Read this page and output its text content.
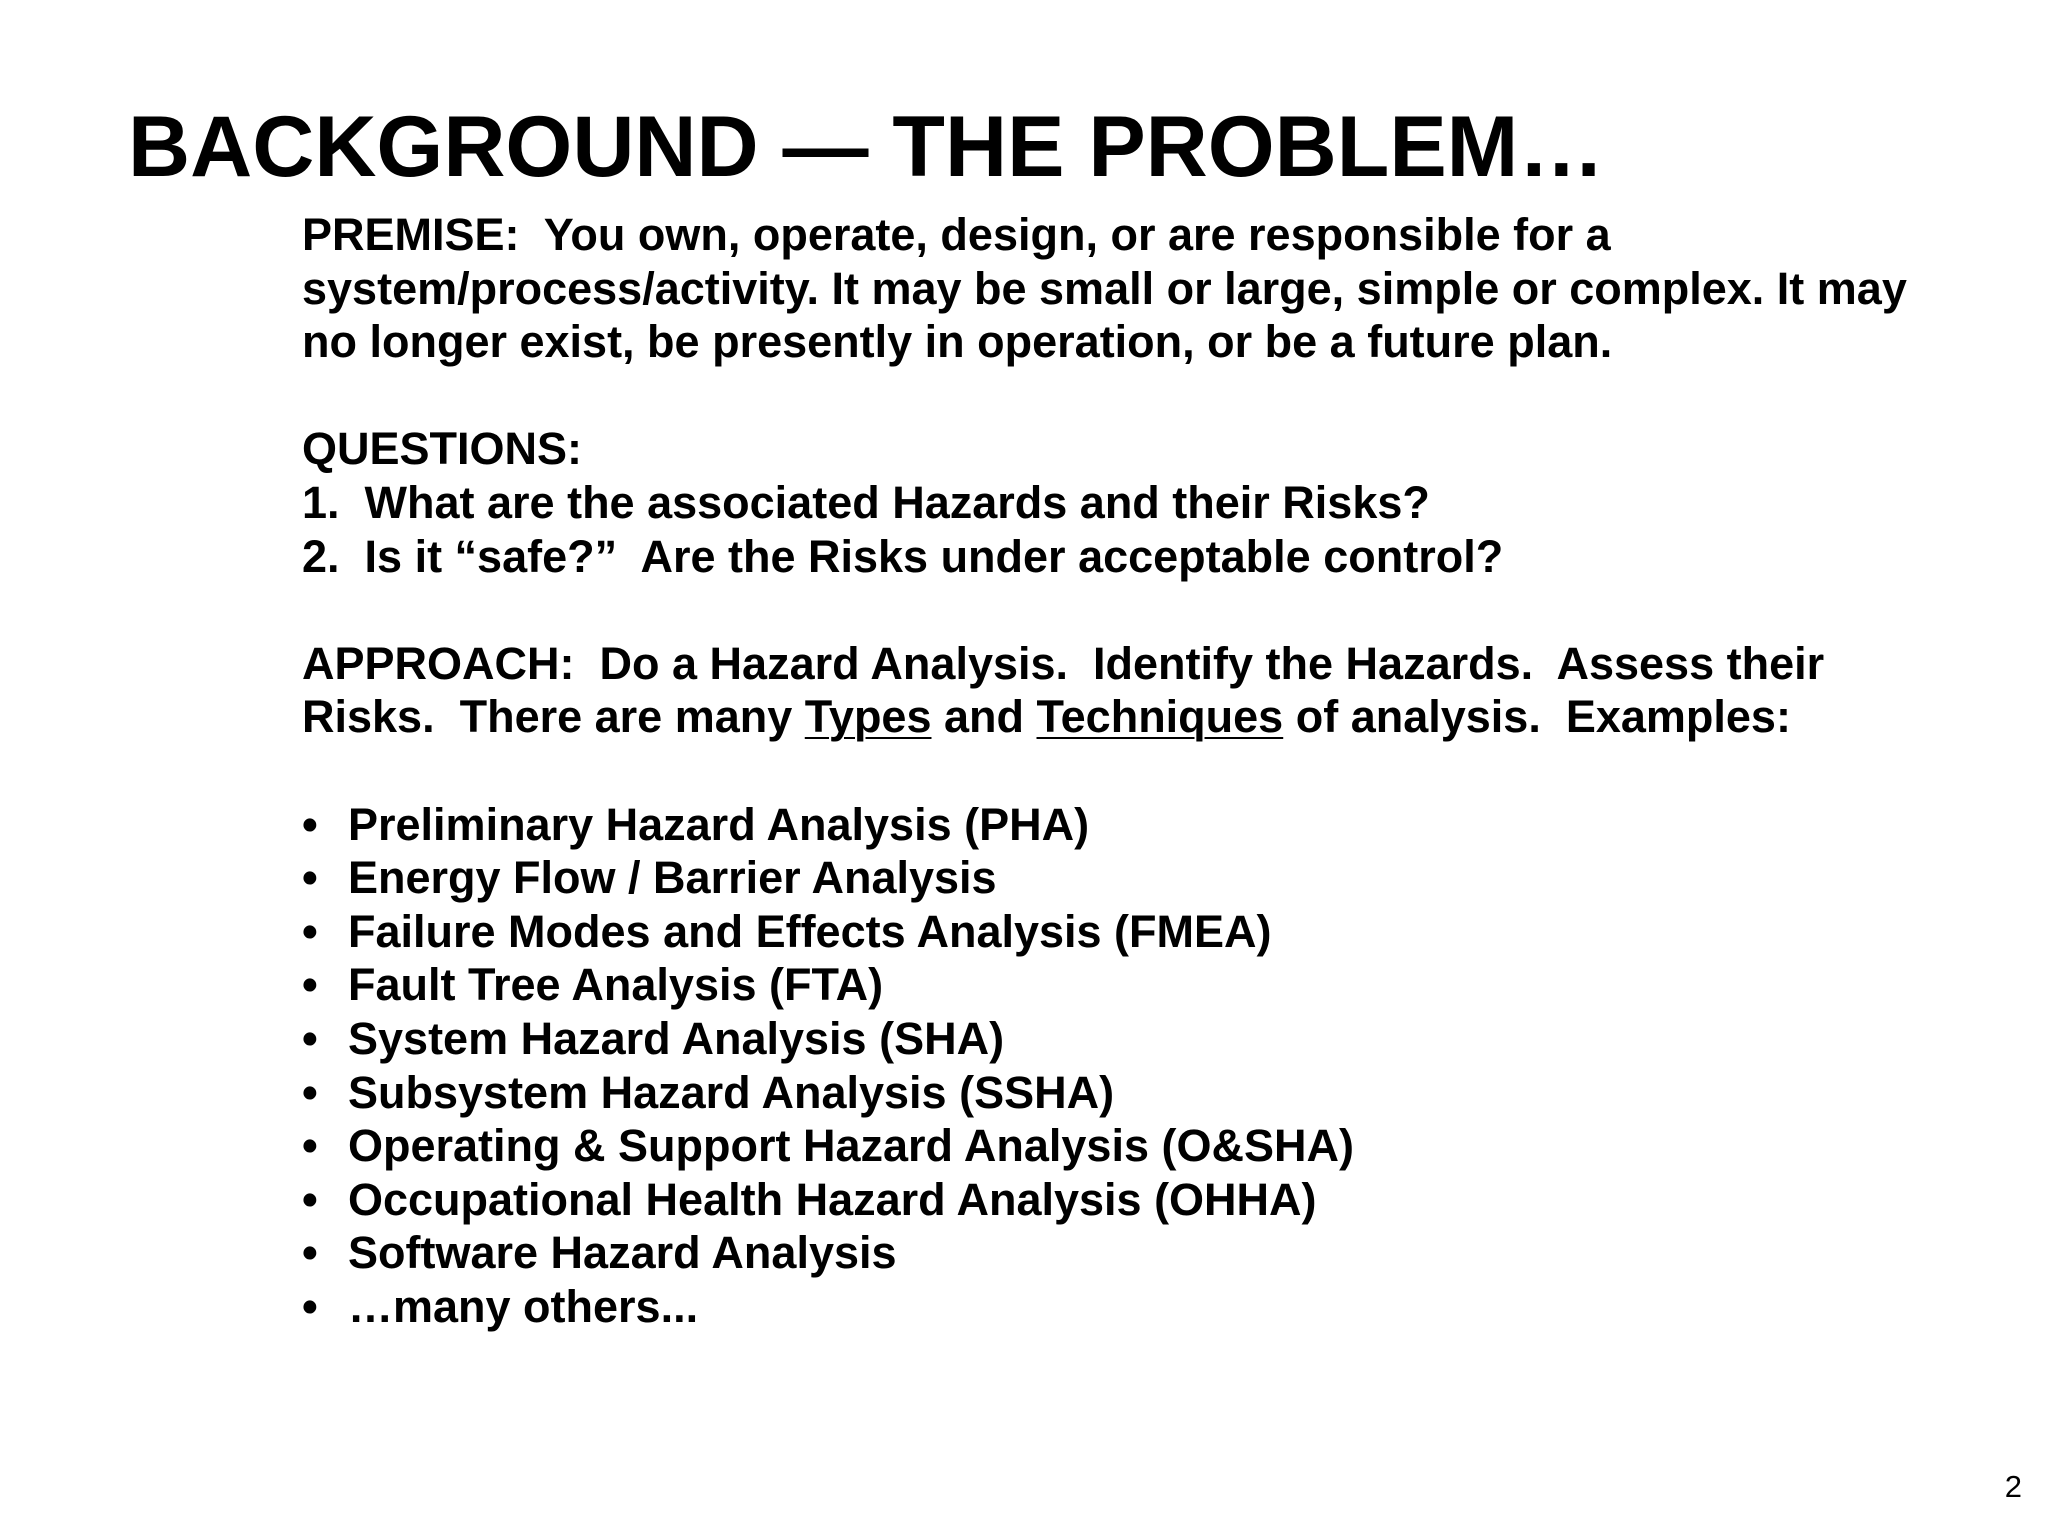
BACKGROUND — THE PROBLEM…

PREMISE: You own, operate, design, or are responsible for a system/process/activity. It may be small or large, simple or complex. It may no longer exist, be presently in operation, or be a future plan.

QUESTIONS:
1.  What are the associated Hazards and their Risks?
2.  Is it “safe?”  Are the Risks under acceptable control?

APPROACH: Do a Hazard Analysis.  Identify the Hazards.  Assess their Risks.  There are many Types and Techniques of analysis.  Examples:

• Preliminary Hazard Analysis (PHA)
• Energy Flow / Barrier Analysis
• Failure Modes and Effects Analysis (FMEA)
• Fault Tree Analysis (FTA)
• System Hazard Analysis (SHA)
• Subsystem Hazard Analysis (SSHA)
• Operating & Support Hazard Analysis (O&SHA)
• Occupational Health Hazard Analysis (OHHA)
• Software Hazard Analysis
• …many others...
2
